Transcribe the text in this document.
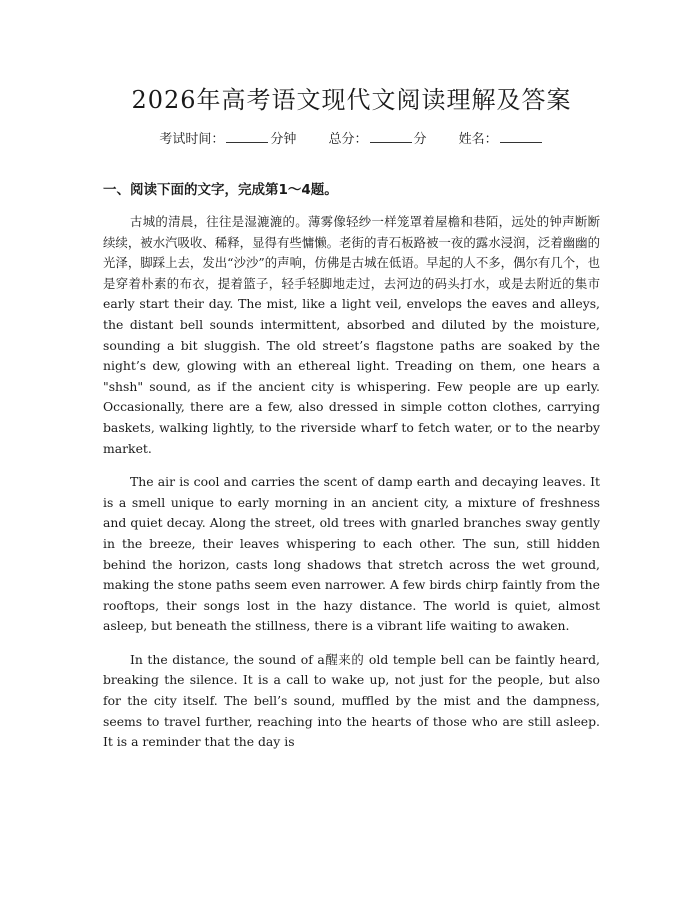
2026年高考语文现代文阅读理解及答案
考试时间：	分钟 总分：	分 姓名：
一、阅读下面的文字，完成第1～4题。

古城的清晨，往往是湿漉漉的。薄雾像轻纱一样笼罩着屋檐和巷陌，远处的钟声断断续续，被水汽吸收、稀释，显得有些慵懒。老街的青石板路被一夜的露水浸润，泛着幽幽的光泽，脚踩上去，发出“沙沙”的声响，仿佛是古城在低语。早起的人不多，偶尔有几个，也是穿着朴素的布衣，提着篮子，轻手轻脚地走过，去河边的码头打水，或是去附近的集市 early start their day. The mist, like a light veil, envelops the eaves and alleys, the distant bell sounds intermittent, absorbed and diluted by the moisture, sounding a bit sluggish. The old street’s flagstone paths are soaked by the night’s dew, glowing with an ethereal light. Treading on them, one hears a "shsh" sound, as if the ancient city is whispering. Few people are up early. Occasionally, there are a few, also dressed in simple cotton clothes, carrying baskets, walking lightly, to the riverside wharf to fetch water, or to the nearby market.

The air is cool and carries the scent of damp earth and decaying leaves. It is a smell unique to early morning in an ancient city, a mixture of freshness and quiet decay. Along the street, old trees with gnarled branches sway gently in the breeze, their leaves whispering to each other. The sun, still hidden behind the horizon, casts long shadows that stretch across the wet ground, making the stone paths seem even narrower. A few birds chirp faintly from the rooftops, their songs lost in the hazy distance. The world is quiet, almost asleep, but beneath the stillness, there is a vibrant life waiting to awaken.

In the distance, the sound of a醒来的 old temple bell can be faintly heard, breaking the silence. It is a call to wake up, not just for the people, but also for the city itself. The bell’s sound, muffled by the mist and the dampness, seems to travel further, reaching into the hearts of those who are still asleep. It is a reminder that the day is
